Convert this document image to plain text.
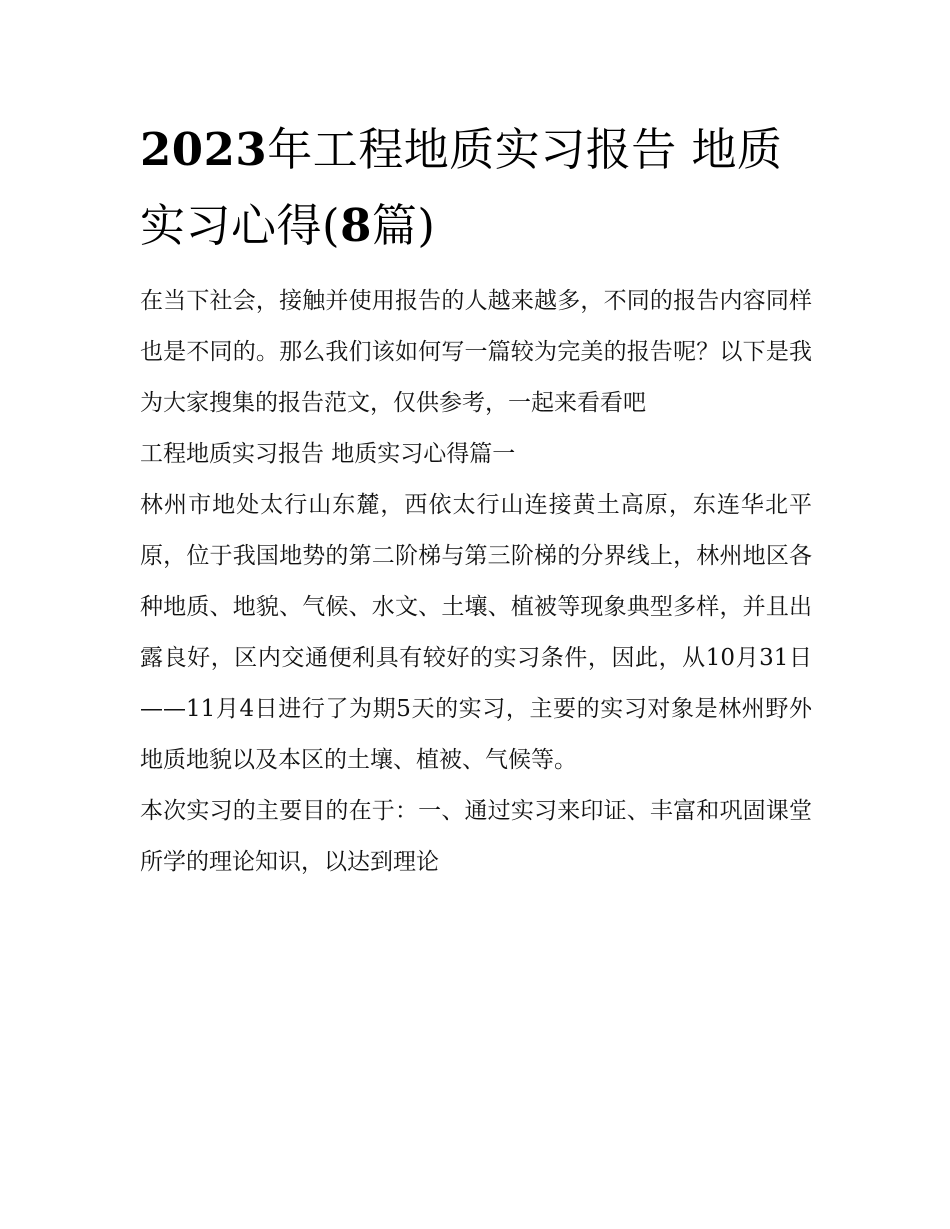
2023年工程地质实习报告 地质实习心得(8篇)

在当下社会，接触并使用报告的人越来越多，不同的报告内容同样也是不同的。那么我们该如何写一篇较为完美的报告呢？以下是我为大家搜集的报告范文，仅供参考，一起来看看吧

工程地质实习报告 地质实习心得篇一

林州市地处太行山东麓，西依太行山连接黄土高原，东连华北平原，位于我国地势的第二阶梯与第三阶梯的分界线上，林州地区各种地质、地貌、气候、水文、土壤、植被等现象典型多样，并且出露良好，区内交通便利具有较好的实习条件，因此，从10月31日——11月4日进行了为期5天的实习，主要的实习对象是林州野外地质地貌以及本区的土壤、植被、气候等。

本次实习的主要目的在于：一、通过实习来印证、丰富和巩固课堂所学的理论知识，以达到理论
